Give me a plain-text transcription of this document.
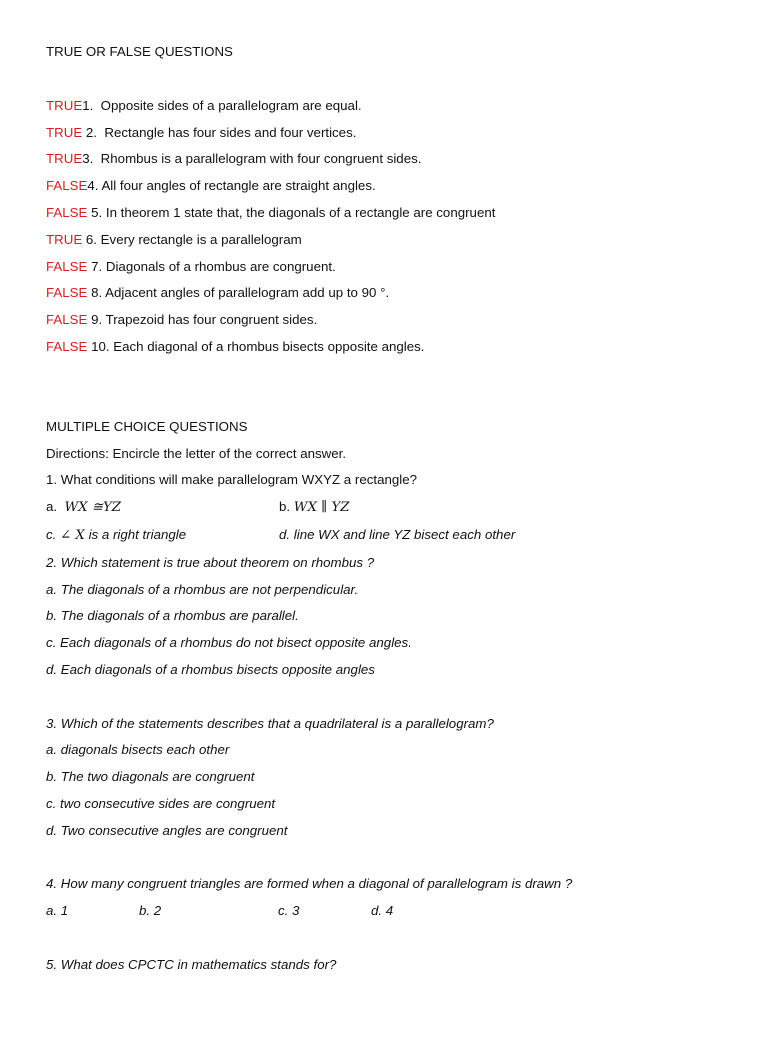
TRUE OR FALSE QUESTIONS

TRUE1.  Opposite sides of a parallelogram are equal.

TRUE 2.  Rectangle has four sides and four vertices.

TRUE3.  Rhombus is a parallelogram with four congruent sides.

FALSE4. All four angles of rectangle are straight angles.

FALSE 5. In theorem 1 state that, the diagonals of a rectangle are congruent

TRUE 6. Every rectangle is a parallelogram

FALSE 7. Diagonals of a rhombus are congruent.

FALSE 8. Adjacent angles of parallelogram add up to 90 °.

FALSE 9. Trapezoid has four congruent sides.

FALSE 10. Each diagonal of a rhombus bisects opposite angles.

MULTIPLE CHOICE QUESTIONS

Directions: Encircle the letter of the correct answer.

1. What conditions will make parallelogram WXYZ a rectangle?

a.  WX ≅YZ	b. WX ∥ YZ

c. ∠ X is a right triangle	d. line WX and line YZ bisect each other

2. Which statement is true about theorem on rhombus ?

a. The diagonals of a rhombus are not perpendicular.

b. The diagonals of a rhombus are parallel.

c. Each diagonals of a rhombus do not bisect opposite angles.

d. Each diagonals of a rhombus bisects opposite angles

3. Which of the statements describes that a quadrilateral is a parallelogram?

a. diagonals bisects each other

b. The two diagonals are congruent

c. two consecutive sides are congruent

d. Two consecutive angles are congruent

4. How many congruent triangles are formed when a diagonal of parallelogram is drawn ?

a. 1	b. 2	c. 3	d. 4

5. What does CPCTC in mathematics stands for?
